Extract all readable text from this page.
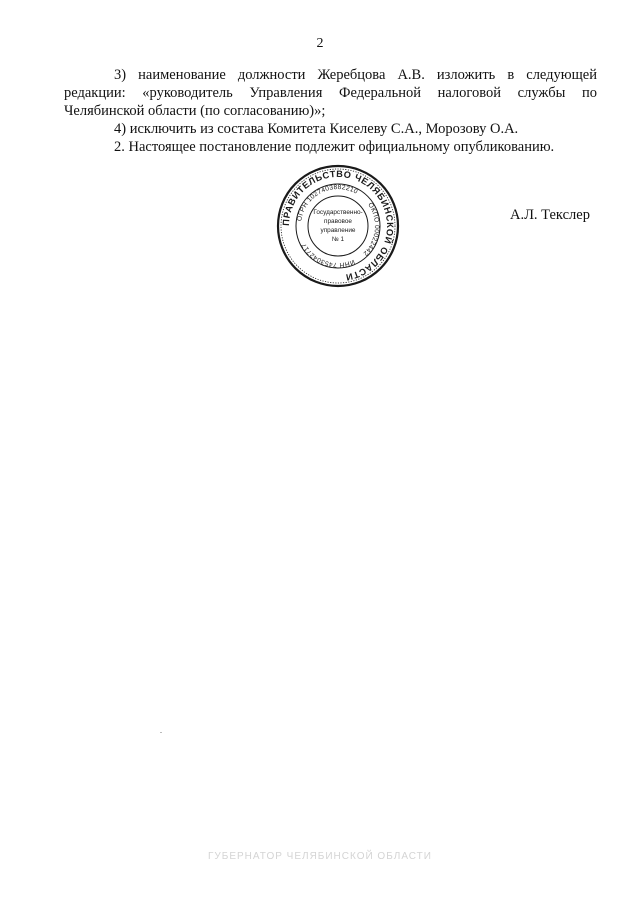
2

3) наименование должности Жеребцова А.В. изложить в следующей редакции: «руководитель Управления Федеральной налоговой службы по Челябинской области (по согласованию)»;

4) исключить из состава Комитета Киселеву С.А., Морозову О.А.

2. Настоящее постановление подлежит официальному опубликованию.

ПРАВИТЕЛЬСТВО ЧЕЛЯБИНСКОЙ ОБЛАСТИ
ОГРН 1027403882210
ОКПО 00022442
ИНН 7453042717
Государственно-
правовое
управление
№ 1
А.Л. Текслер
ГУБЕРНАТОР ЧЕЛЯБИНСКОЙ ОБЛАСТИ
